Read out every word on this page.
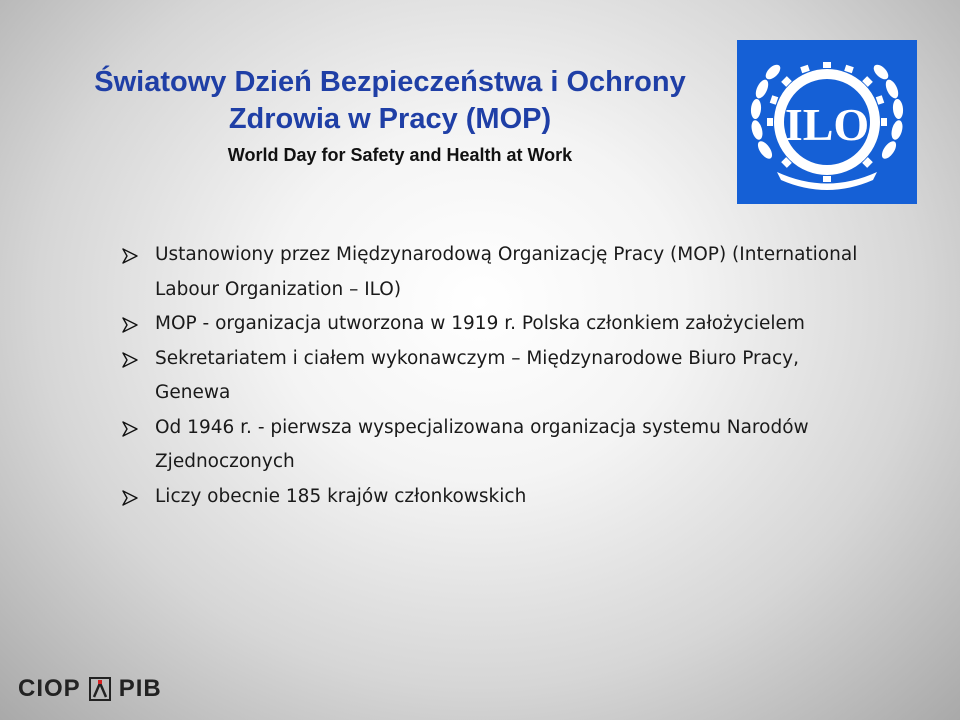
Światowy Dzień Bezpieczeństwa i Ochrony
Zdrowia w Pracy (MOP)
World Day for Safety and Health at Work
ILO
Ustanowiony przez Międzynarodową Organizację Pracy (MOP) (International Labour Organization – ILO)
MOP - organizacja utworzona w 1919 r. Polska członkiem założycielem
Sekretariatem i ciałem wykonawczym – Międzynarodowe Biuro Pracy, Genewa
Od 1946 r. - pierwsza wyspecjalizowana organizacja systemu Narodów Zjednoczonych
Liczy obecnie 185 krajów członkowskich
CIOP PIB
